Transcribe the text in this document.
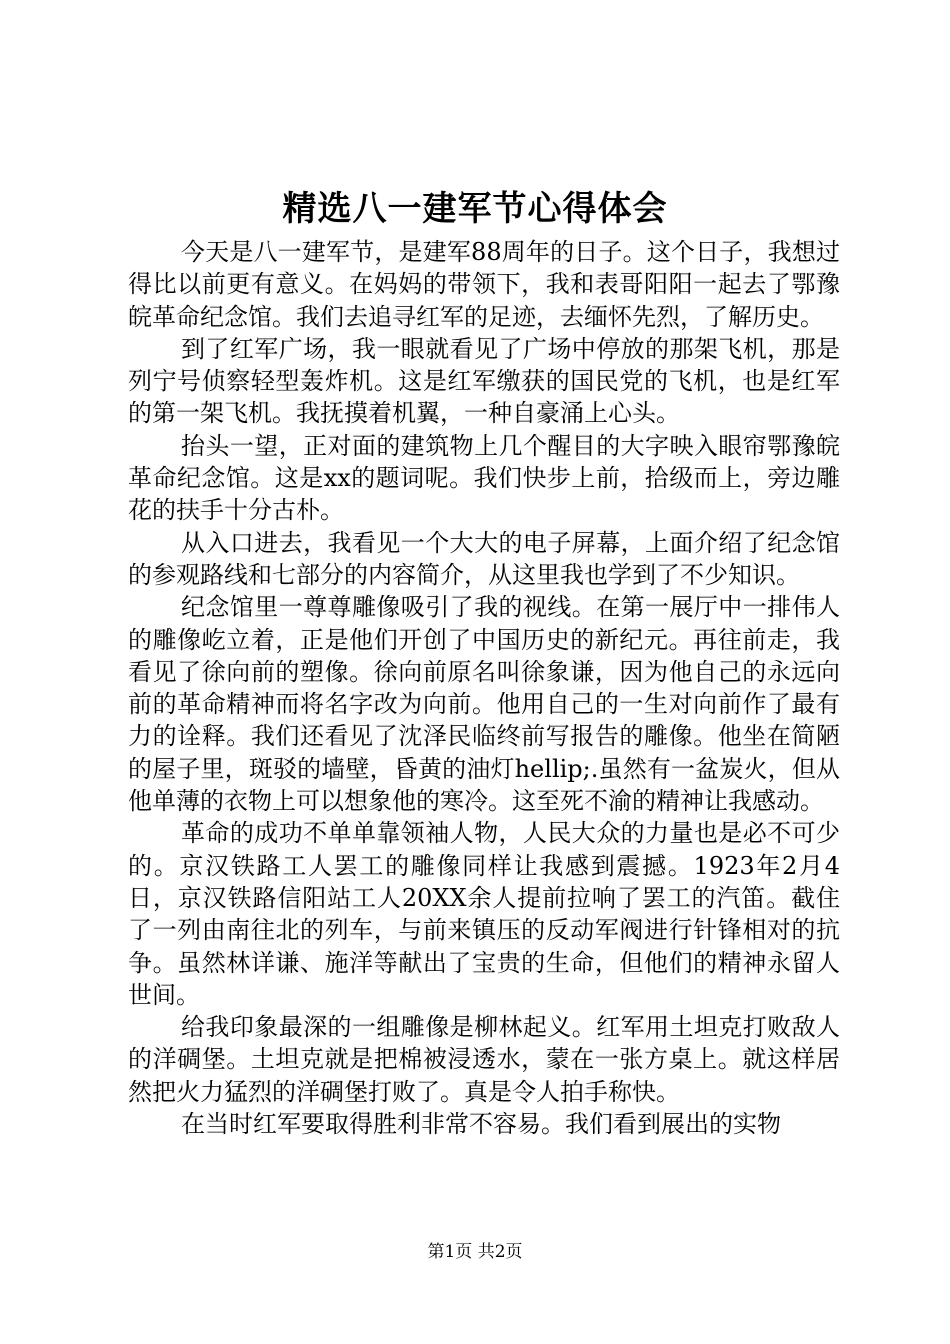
精选八一建军节心得体会

今天是八一建军节，是建军88周年的日子。这个日子，我想过得比以前更有意义。在妈妈的带领下，我和表哥阳阳一起去了鄂豫皖革命纪念馆。我们去追寻红军的足迹，去缅怀先烈，了解历史。

到了红军广场，我一眼就看见了广场中停放的那架飞机，那是列宁号侦察轻型轰炸机。这是红军缴获的国民党的飞机，也是红军的第一架飞机。我抚摸着机翼，一种自豪涌上心头。

抬头一望，正对面的建筑物上几个醒目的大字映入眼帘鄂豫皖革命纪念馆。这是xx的题词呢。我们快步上前，拾级而上，旁边雕花的扶手十分古朴。

从入口进去，我看见一个大大的电子屏幕，上面介绍了纪念馆的参观路线和七部分的内容简介，从这里我也学到了不少知识。

纪念馆里一尊尊雕像吸引了我的视线。在第一展厅中一排伟人的雕像屹立着，正是他们开创了中国历史的新纪元。再往前走，我看见了徐向前的塑像。徐向前原名叫徐象谦，因为他自己的永远向前的革命精神而将名字改为向前。他用自己的一生对向前作了最有力的诠释。我们还看见了沈泽民临终前写报告的雕像。他坐在简陋的屋子里，斑驳的墙壁，昏黄的油灯hellip;.虽然有一盆炭火，但从他单薄的衣物上可以想象他的寒冷。这至死不渝的精神让我感动。

革命的成功不单单靠领袖人物，人民大众的力量也是必不可少的。京汉铁路工人罢工的雕像同样让我感到震撼。1923年2月4日，京汉铁路信阳站工人20XX余人提前拉响了罢工的汽笛。截住了一列由南往北的列车，与前来镇压的反动军阀进行针锋相对的抗争。虽然林详谦、施洋等献出了宝贵的生命，但他们的精神永留人世间。

给我印象最深的一组雕像是柳林起义。红军用土坦克打败敌人的洋碉堡。土坦克就是把棉被浸透水，蒙在一张方桌上。就这样居然把火力猛烈的洋碉堡打败了。真是令人拍手称快。

在当时红军要取得胜利非常不容易。我们看到展出的实物

第1页 共2页
